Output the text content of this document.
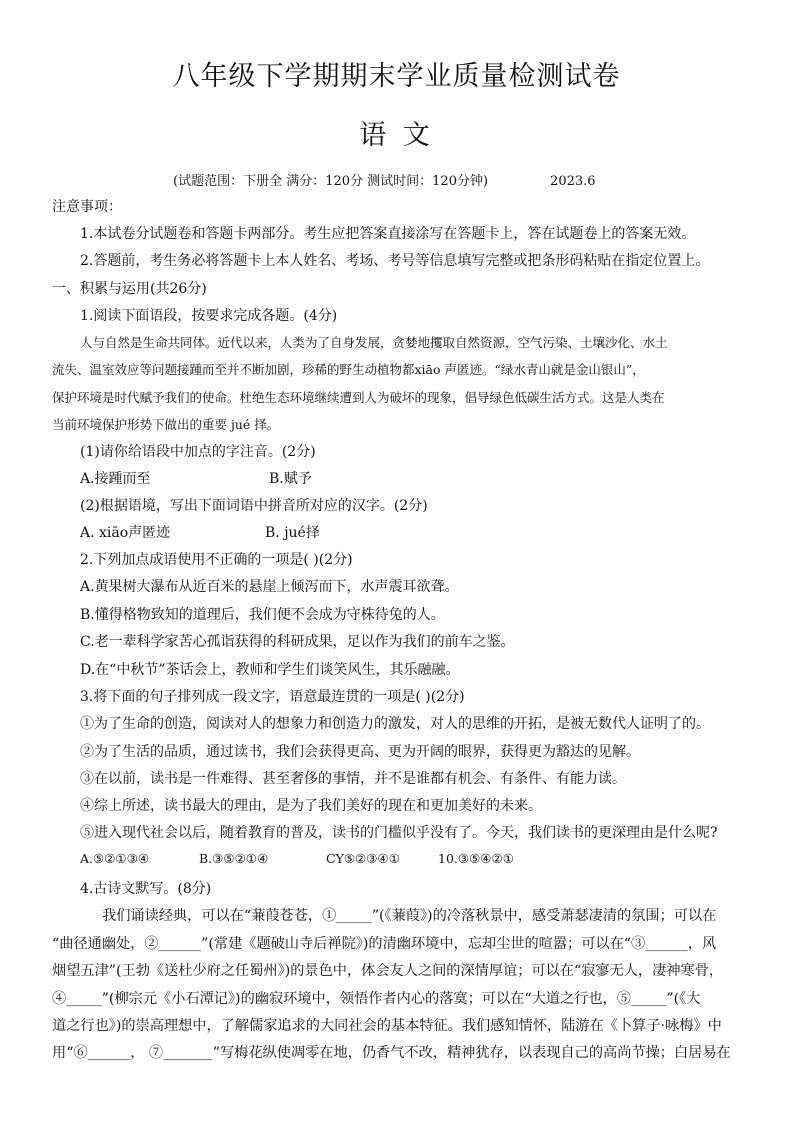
八年级下学期期末学业质量检测试卷
语 文
(试题范围：下册全 满分：120分 测试时间：120分钟)	2023.6
注意事项：
1.本试卷分试题卷和答题卡两部分。考生应把答案直接涂写在答题卡上，答在试题卷上的答案无效。
2.答题前，考生务必将答题卡上本人姓名、考场、考号等信息填写完整或把条形码粘贴在指定位置上。
一、积累与运用(共26分)
1.阅读下面语段，按要求完成各题。(4分)
人与自然是生命共同体。近代以来，人类为了自身发展，贪婪地攫取自然资源，空气污染、土壤沙化、水土
流失、温室效应等问题接踵而至并不断加剧，珍稀的野生动植物都xiāo 声匿迹。“绿水青山就是金山银山”，
保护环境是时代赋予我们的使命。杜绝生态环境继续遭到人为破坏的现象，倡导绿色低碳生活方式。这是人类在
当前环境保护形势下做出的重要 jué 择。
(1)请你给语段中加点的字注音。(2分)
A.接踵而至	B.赋予
(2)根据语境，写出下面词语中拼音所对应的汉字。(2分)
A. xiāo声匿迹	B. jué择
2.下列加点成语使用不正确的一项是( )(2分)
A.黄果树大瀑布从近百米的悬崖上倾泻而下，水声震耳欲聋。
B.懂得格物致知的道理后，我们便不会成为守株待兔的人。
C.老一辈科学家苦心孤诣获得的科研成果，足以作为我们的前车之鉴。
D.在“中秋节”茶话会上，教师和学生们谈笑风生，其乐融融。
3.将下面的句子排列成一段文字，语意最连贯的一项是( )(2分)
①为了生命的创造，阅读对人的想象力和创造力的激发，对人的思维的开拓，是被无数代人证明了的。
②为了生活的品质，通过读书，我们会获得更高、更为开阔的眼界，获得更为豁达的见解。
③在以前，读书是一件难得、甚至奢侈的事情，并不是谁都有机会、有条件、有能力读。
④综上所述，读书最大的理由，是为了我们美好的现在和更加美好的未来。
⑤进入现代社会以后，随着教育的普及，读书的门槛似乎没有了。今天，我们读书的更深理由是什么呢?
A.⑤②①③④	B.③⑤②①④	CY⑤②③④①	10.③⑤④②①
4.古诗文默写。(8分)
我们诵读经典，可以在“蒹葭苍苍，①_____”(《蒹葭》)的冷落秋景中，感受萧瑟凄清的氛围；可以在
“曲径通幽处，②______”(常建《题破山寺后禅院》)的清幽环境中，忘却尘世的喧嚣；可以在“③______，风
烟望五津”(王勃《送杜少府之任蜀州》)的景色中，体会友人之间的深情厚谊；可以在“寂寥无人，凄神寒骨，
④_____”(柳宗元《小石潭记》)的幽寂环境中，领悟作者内心的落寞；可以在“大道之行也，⑤_____”(《大
道之行也》)的崇高理想中，了解儒家追求的大同社会的基本特征。我们感知情怀，陆游在《卜算子·咏梅》中
用“⑥______， ⑦_______”写梅花纵使凋零在地，仍香气不改，精神犹存，以表现自己的高尚节操；白居易在
